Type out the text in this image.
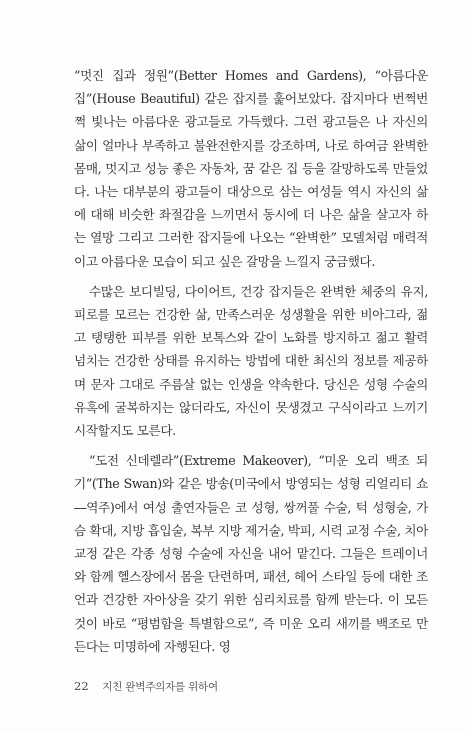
“멋진 집과 정원”(Better Homes and Gardens), “아름다운 집”(House Beautiful) 같은 잡지를 훑어보았다. 잡지마다 번쩍번쩍 빛나는 아름다운 광고들로 가득했다. 그런 광고들은 나 자신의 삶이 얼마나 부족하고 불완전한지를 강조하며, 나로 하여금 완벽한 몸매, 멋지고 성능 좋은 자동차, 꿈 같은 집 등을 갈망하도록 만들었다. 나는 대부분의 광고들이 대상으로 삼는 여성들 역시 자신의 삶에 대해 비슷한 좌절감을 느끼면서 동시에 더 나은 삶을 살고자 하는 열망 그리고 그러한 잡지들에 나오는 “완벽한” 모델처럼 매력적이고 아름다운 모습이 되고 싶은 갈망을 느낄지 궁금했다.

수많은 보디빌딩, 다이어트, 건강 잡지들은 완벽한 체중의 유지, 피로를 모르는 건강한 삶, 만족스러운 성생활을 위한 비아그라, 젊고 탱탱한 피부를 위한 보톡스와 같이 노화를 방지하고 젊고 활력 넘치는 건강한 상태를 유지하는 방법에 대한 최신의 정보를 제공하며 문자 그대로 주름살 없는 인생을 약속한다. 당신은 성형 수술의 유혹에 굴복하지는 않더라도, 자신이 못생겼고 구식이라고 느끼기 시작할지도 모른다.

“도전 신데렐라”(Extreme Makeover), “미운 오리 백조 되기”(The Swan)와 같은 방송(미국에서 방영되는 성형 리얼리티 쇼―역주)에서 여성 출연자들은 코 성형, 쌍꺼풀 수술, 턱 성형술, 가슴 확대, 지방 흡입술, 복부 지방 제거술, 박피, 시력 교정 수술, 치아 교정 같은 각종 성형 수술에 자신을 내어 맡긴다. 그들은 트레이너와 함께 헬스장에서 몸을 단련하며, 패션, 헤어 스타일 등에 대한 조언과 건강한 자아상을 갖기 위한 심리치료를 함께 받는다. 이 모든 것이 바로 “평범함을 특별함으로”, 즉 미운 오리 새끼를 백조로 만든다는 미명하에 자행된다. 영

22 지친 완벽주의자를 위하여
